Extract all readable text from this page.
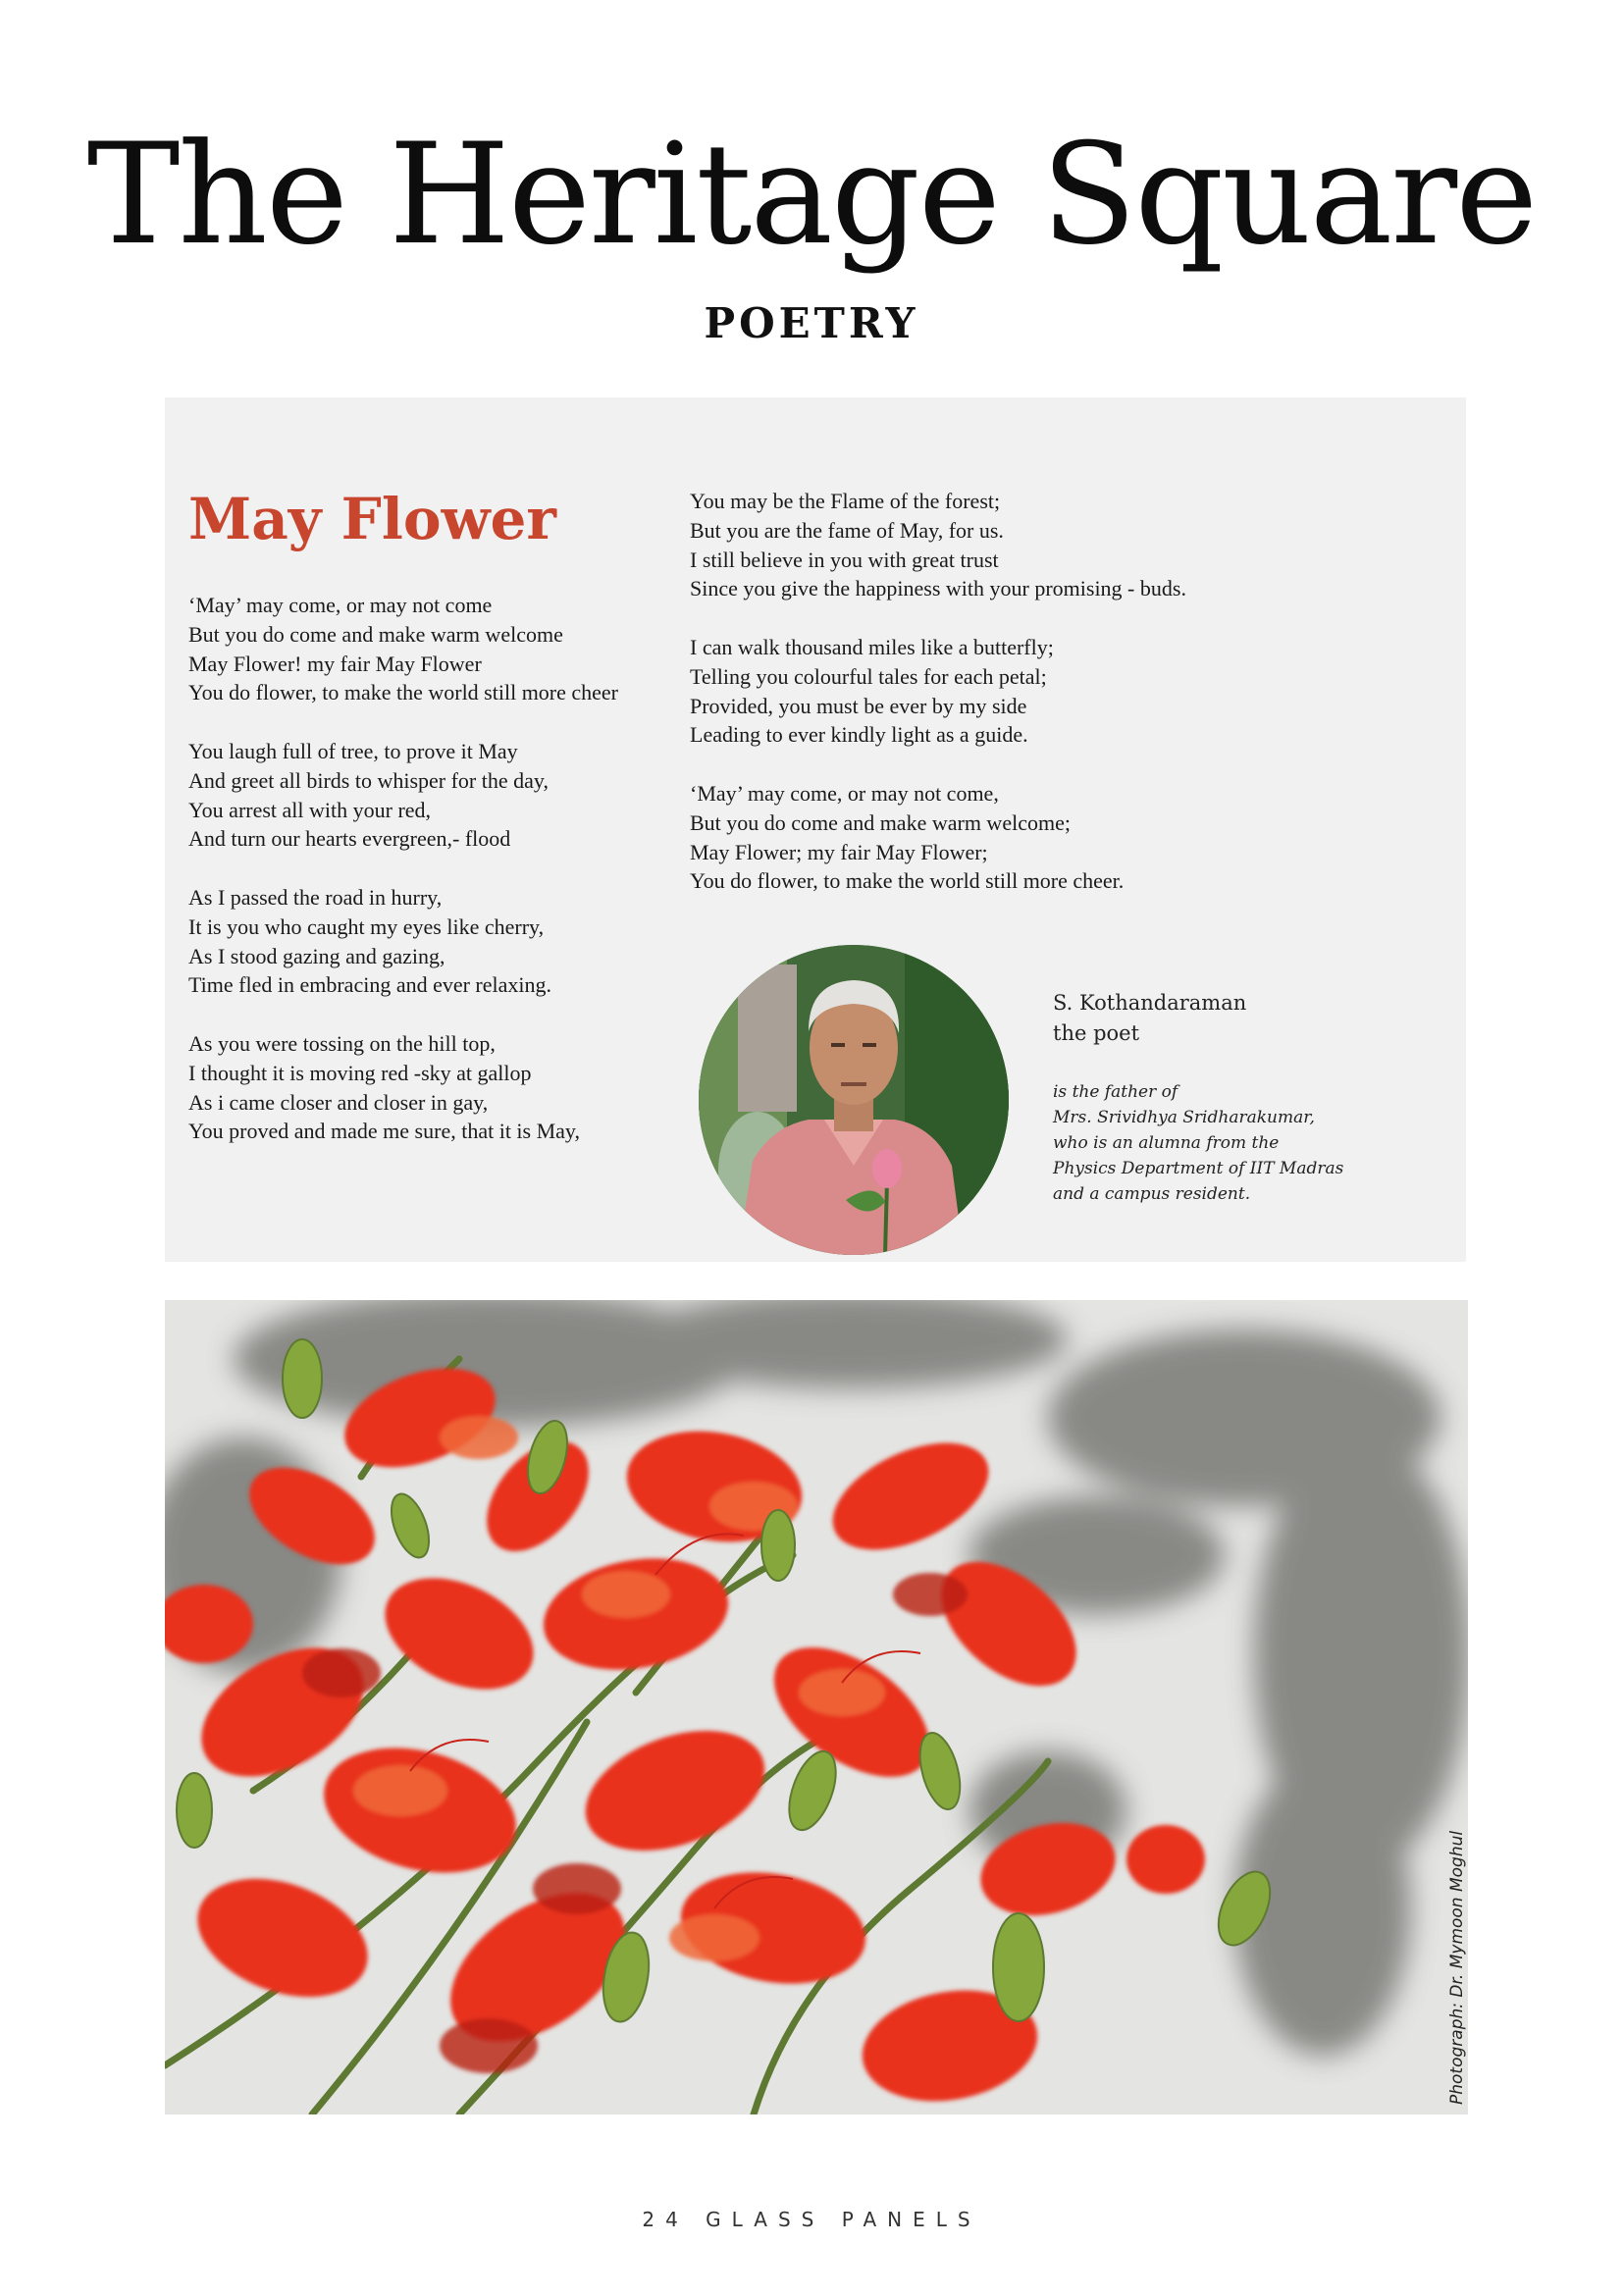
The Heritage Square
POETRY
May Flower
‘May’ may come, or may not come
But you do come and make warm welcome
May Flower! my fair May Flower
You do flower, to make the world still more cheer
You laugh full of tree, to prove it May
And greet all birds to whisper for the day,
You arrest all with your red,
And turn our hearts evergreen,- flood
As I passed the road in hurry,
It is you who caught my eyes like cherry,
As I stood gazing and gazing,
Time fled in embracing and ever relaxing.
As you were tossing on the hill top,
I thought it is moving red -sky at gallop
As i came closer and closer in gay,
You proved and made me sure, that it is May,
You may be the Flame of the forest;
But you are the fame of May, for us.
I still believe in you with great trust
Since you give the happiness with your promising - buds.
I can walk thousand miles like a butterfly;
Telling you colourful tales for each petal;
Provided, you must be ever by my side
Leading to ever kindly light as a guide.
‘May’ may come, or may not come,
But you do come and make warm welcome;
May Flower; my fair May Flower;
You do flower, to make the world still more cheer.
S. Kothandaraman
the poet
is the father of
Mrs. Srividhya Sridharakumar,
who is an alumna from the
Physics Department of IIT Madras
and a campus resident.
Photograph: Dr. Mymoon Moghul
24 GLASS PANELS
